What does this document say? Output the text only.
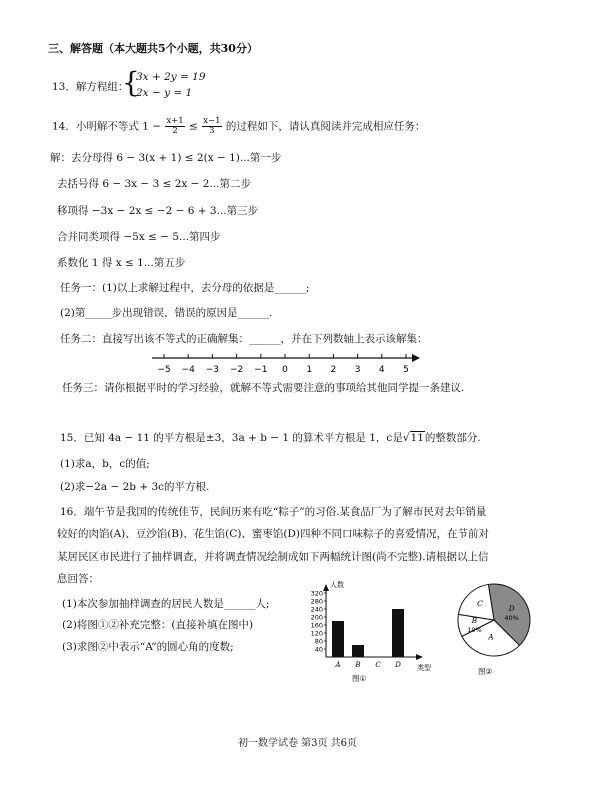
三、解答题（本大题共5个小题，共30分）
13．解方程组：
{
3x + 2y = 19
2x − y = 1
14．小明解不等式 $1 - \frac{x+1}{2} \le \frac{x-1}{3}$ 的过程如下，请认真阅读并完成相应任务：
解：去分母得 6 − 3(x + 1) ≤ 2(x − 1)...第一步
去括号得 6 − 3x − 3 ≤ 2x − 2...第二步
移项得 −3x − 2x ≤ −2 − 6 + 3...第三步
合并同类项得 −5x ≤ − 5...第四步
系数化 1 得 x ≤ 1...第五步
任务一：(1)以上求解过程中，去分母的依据是______;
(2)第_____步出现错误，错误的原因是______.
任务二：直接写出该不等式的正确解集：______，并在下列数轴上表示该解集：
−5 −4 −3 −2 −1 0 1 2 3 4 5
任务三：请你根据平时的学习经验，就解不等式需要注意的事项给其他同学提一条建议.
15．已知 4a − 11 的平方根是±3，3a + b − 1 的算术平方根是 1，c是√11的整数部分.
(1)求a，b，c的值;
(2)求−2a − 2b + 3c的平方根.
16．端午节是我国的传统佳节，民间历来有吃“粽子”的习俗.某食品厂为了解市民对去年销量
较好的肉馅(A)、豆沙馅(B)、花生馅(C)、蜜枣馅(D)四种不同口味粽子的喜爱情况，在节前对
某居民区市民进行了抽样调查，并将调查情况绘制成如下两幅统计图(尚不完整).请根据以上信
息回答：
(1)本次参加抽样调查的居民人数是______人;
(2)将图①②补充完整：(直接补填在图中)
(3)求图②中表示“A”的圆心角的度数;
人数
类型
图①
40
80
120
160
200
240
280
320
A B C D
D
40%
A
B
10%
C
图②
初一数学试卷 第3页 共6页
